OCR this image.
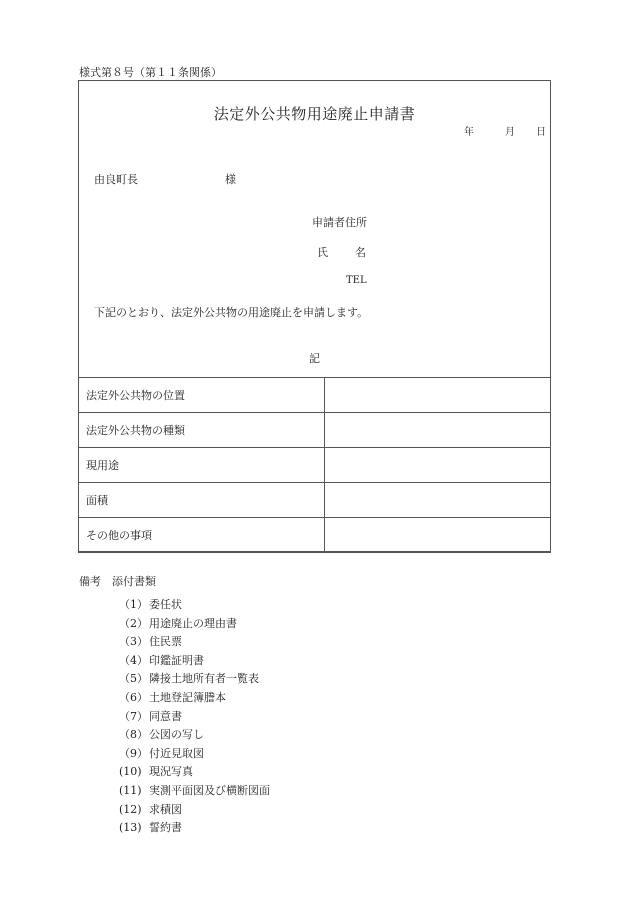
様式第８号（第１１条関係）
法定外公共物用途廃止申請書
年	月 日
由良町長	様
申請者住所
氏　名
TEL
下記のとおり、法定外公共物の用途廃止を申請します。
記
法定外公共物の位置	
法定外公共物の種類	
現用途	
面積	
その他の事項	
備考　添付書類
（1）委任状
（2）用途廃止の理由書
（3）住民票
（4）印鑑証明書
（5）隣接土地所有者一覧表
（6）土地登記簿謄本
（7）同意書
（8）公図の写し
（9）付近見取図
(10) 現況写真
(11) 実測平面図及び横断図面
(12) 求積図
(13) 誓約書
